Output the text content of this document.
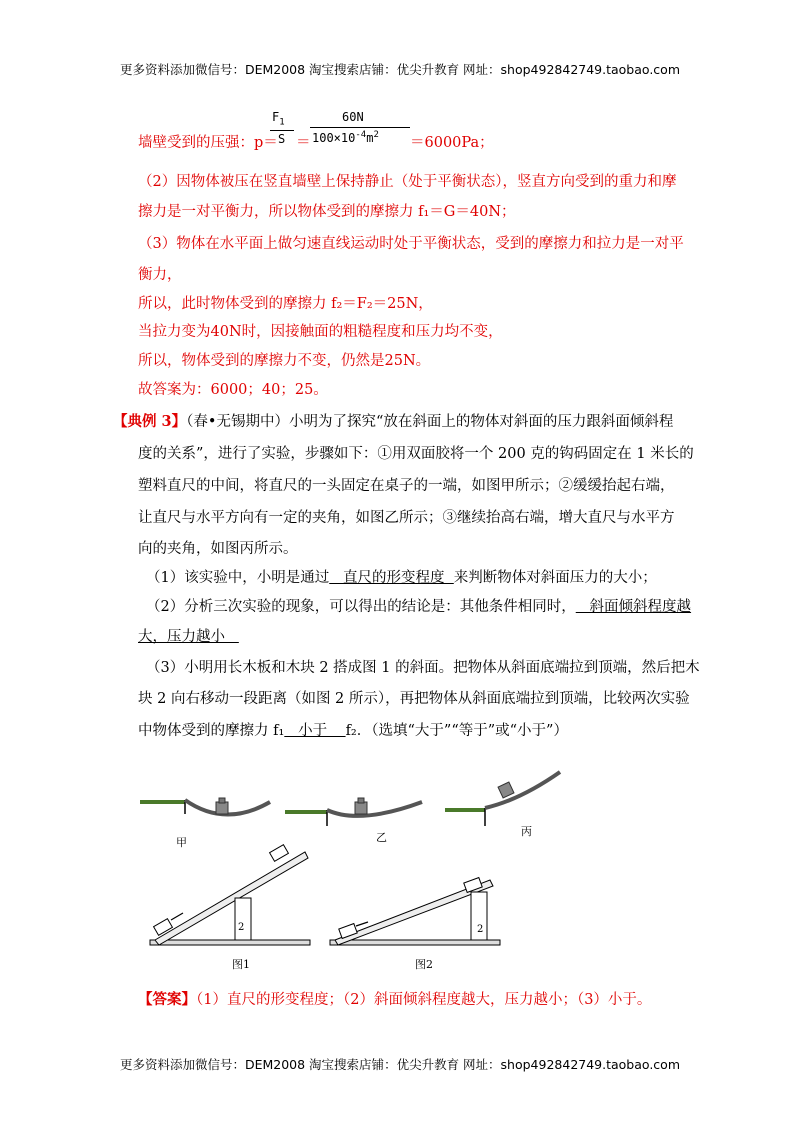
更多资料添加微信号：DEM2008 淘宝搜索店铺：优尖升教育 网址：shop492842749.taobao.com
墙壁受到的压强：p＝
$F_1$
S ＝
60N
$100\times 10^{-4}m^2 =6000Pa$；
（2）因物体被压在竖直墙壁上保持静止（处于平衡状态），竖直方向受到的重力和摩
擦力是一对平衡力，所以物体受到的摩擦力 f₁＝G＝40N；
（3）物体在水平面上做匀速直线运动时处于平衡状态，受到的摩擦力和拉力是一对平
衡力，
所以，此时物体受到的摩擦力 f₂＝F₂＝25N，
当拉力变为40N时，因接触面的粗糙程度和压力均不变，
所以，物体受到的摩擦力不变，仍然是25N。
故答案为：6000；40；25。
【典例 3】（春•无锡期中）小明为了探究“放在斜面上的物体对斜面的压力跟斜面倾斜程
度的关系”，进行了实验，步骤如下：①用双面胶将一个 200 克的钩码固定在 1 米长的
塑料直尺的中间，将直尺的一头固定在桌子的一端，如图甲所示；②缓缓抬起右端，
让直尺与水平方向有一定的夹角，如图乙所示；③继续抬高右端，增大直尺与水平方
向的夹角，如图丙所示。
（1）该实验中，小明是通过   直尺的形变程度  来判断物体对斜面压力的大小；
（2）分析三次实验的现象，可以得出的结论是：其他条件相同时，   斜面倾斜程度越
大，压力越小
（3）小明用长木板和木块 2 搭成图 1 的斜面。把物体从斜面底端拉到顶端，然后把木
块 2 向右移动一段距离（如图 2 所示），再把物体从斜面底端拉到顶端，比较两次实验
中物体受到的摩擦力 f₁   小于    f₂．（选填“大于”“等于”或“小于”）
甲	乙	丙
2	2
图1	图2
【答案】（1）直尺的形变程度；（2）斜面倾斜程度越大，压力越小；（3）小于。
更多资料添加微信号：DEM2008 淘宝搜索店铺：优尖升教育 网址：shop492842749.taobao.com
